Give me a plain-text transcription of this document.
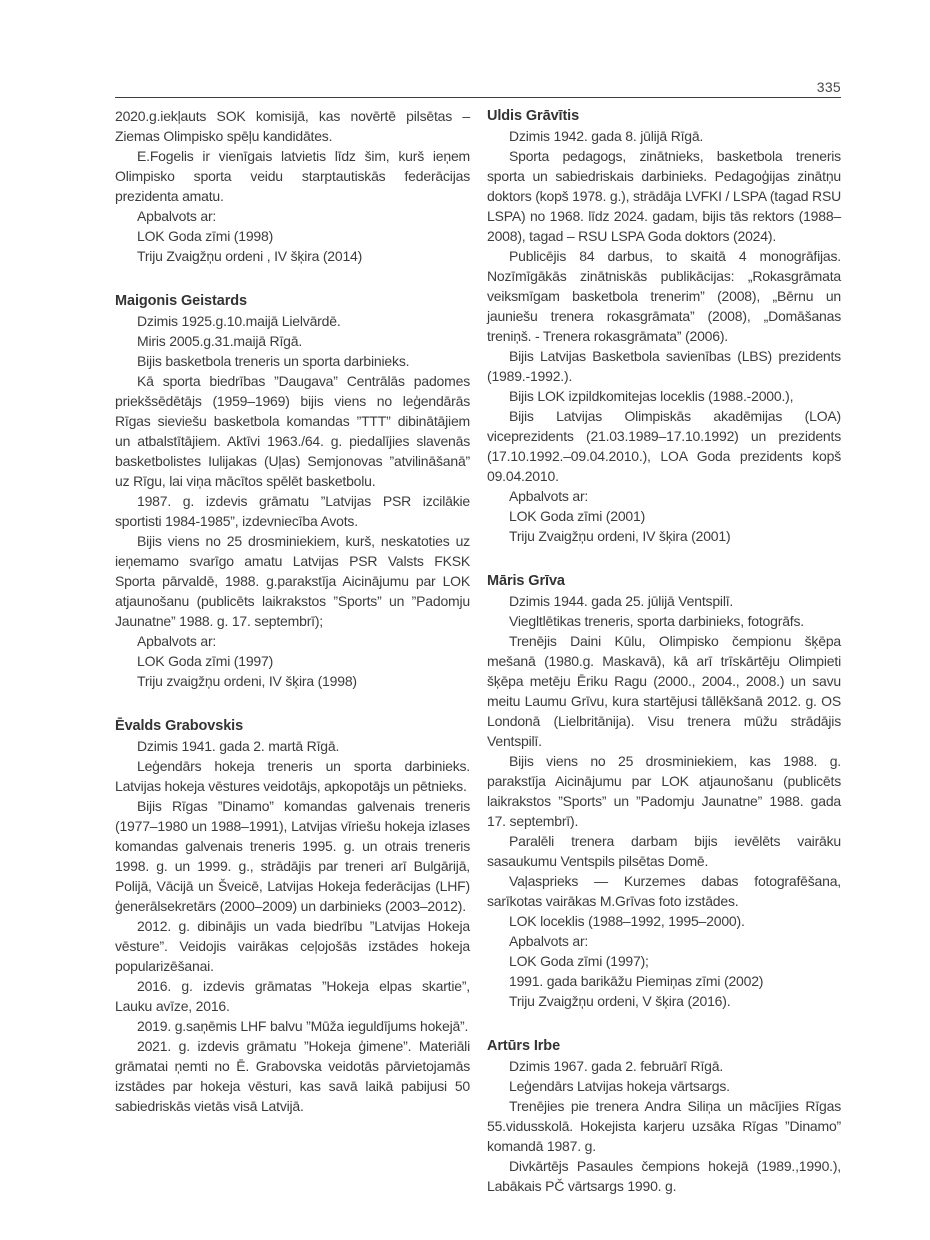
335

2020.g.iekļauts SOK komisijā, kas novērtē pilsētas – Ziemas Olimpisko spēļu kandidātes.

E.Fogelis ir vienīgais latvietis līdz šim, kurš ieņem Olimpisko sporta veidu starptautiskās federācijas prezidenta amatu.

Apbalvots ar:

LOK Goda zīmi (1998)

Triju Zvaigžņu ordeni , IV šķira (2014)

Maigonis Geistards

Dzimis 1925.g.10.maijā Lielvārdē.

Miris 2005.g.31.maijā Rīgā.

Bijis basketbola treneris un sporta darbinieks.

Kā sporta biedrības ”Daugava” Centrālās padomes priekšsēdētājs (1959–1969) bijis viens no leģendārās Rīgas sieviešu basketbola komandas ”TTT” dibinātājiem un atbalstītājiem. Aktīvi 1963./64. g. piedalījies slavenās basketbolistes Iulijakas (Uļas) Semjonovas ”atvilināšanā” uz Rīgu, lai viņa mācītos spēlēt basketbolu.

1987. g. izdevis grāmatu ”Latvijas PSR izcilākie sportisti 1984-1985”, izdevniecība Avots.

Bijis viens no 25 drosminiekiem, kurš, neskatoties uz ieņemamo svarīgo amatu Latvijas PSR Valsts FKSK Sporta pārvaldē, 1988. g.parakstīja Aicinājumu par LOK atjaunošanu (publicēts laikrakstos ”Sports” un ”Padomju Jaunatne” 1988. g. 17. septembrī);

Apbalvots ar:

LOK Goda zīmi (1997)

Triju zvaigžņu ordeni, IV šķira (1998)

Ēvalds Grabovskis

Dzimis 1941. gada 2. martā Rīgā.

Leģendārs hokeja treneris un sporta darbinieks. Latvijas hokeja vēstures veidotājs, apkopotājs un pētnieks.

Bijis Rīgas ”Dinamo” komandas galvenais treneris (1977–1980 un 1988–1991), Latvijas vīriešu hokeja izlases komandas galvenais treneris 1995. g. un otrais treneris 1998. g. un 1999. g., strādājis par treneri arī Bulgārijā, Polijā, Vācijā un Šveicē, Latvijas Hokeja federācijas (LHF) ģenerālsekretārs (2000–2009) un darbinieks (2003–2012).

2012. g. dibinājis un vada biedrību ”Latvijas Hokeja vēsture”. Veidojis vairākas ceļojošās izstādes hokeja popularizēšanai.

2016. g. izdevis grāmatas ”Hokeja elpas skartie”, Lauku avīze, 2016.

2019. g.saņēmis LHF balvu ”Mūža ieguldījums hokejā”.

2021. g. izdevis grāmatu ”Hokeja ģimene”. Materiāli grāmatai ņemti no Ē. Grabovska veidotās pārvietojamās izstādes par hokeja vēsturi, kas savā laikā pabijusi 50 sabiedriskās vietās visā Latvijā.

Uldis Grāvītis

Dzimis 1942. gada 8. jūlijā Rīgā.

Sporta pedagogs, zinātnieks, basketbola treneris sporta un sabiedriskais darbinieks. Pedagoģijas zinātņu doktors (kopš 1978. g.), strādāja LVFKI / LSPA (tagad RSU LSPA) no 1968. līdz 2024. gadam, bijis tās rektors (1988–2008), tagad – RSU LSPA Goda doktors (2024).

Publicējis 84 darbus, to skaitā 4 monogrāfijas. Nozīmīgākās zinātniskās publikācijas: „Rokasgrāmata veiksmīgam basketbola trenerim” (2008), „Bērnu un jauniešu trenera rokasgrāmata” (2008), „Domāšanas treniņš. - Trenera rokasgrāmata” (2006).

Bijis Latvijas Basketbola savienības (LBS) prezidents (1989.-1992.).

Bijis LOK izpildkomitejas loceklis (1988.-2000.),

Bijis Latvijas Olimpiskās akadēmijas (LOA) viceprezidents (21.03.1989–17.10.1992) un prezidents (17.10.1992.–09.04.2010.), LOA Goda prezidents kopš 09.04.2010.

Apbalvots ar:

LOK Goda zīmi (2001)

Triju Zvaigžņu ordeni, IV šķira (2001)

Māris Grīva

Dzimis 1944. gada 25. jūlijā Ventspilī.

Viegltlētikas treneris, sporta darbinieks, fotogrāfs.

Trenējis Daini Kūlu, Olimpisko čempionu šķēpa mešanā (1980.g. Maskavā), kā arī trīskārtēju Olimpieti šķēpa metēju Ēriku Ragu (2000., 2004., 2008.) un savu meitu Laumu Grīvu, kura startējusi tāllēkšanā 2012. g. OS Londonā (Lielbritānija). Visu trenera mūžu strādājis Ventspilī.

Bijis viens no 25 drosminiekiem, kas 1988. g. parakstīja Aicinājumu par LOK atjaunošanu (publicēts laikrakstos ”Sports” un ”Padomju Jaunatne” 1988. gada 17. septembrī).

Paralēli trenera darbam bijis ievēlēts vairāku sasaukumu Ventspils pilsētas Domē.

Vaļasprieks — Kurzemes dabas fotografēšana, sarīkotas vairākas M.Grīvas foto izstādes.

LOK loceklis (1988–1992, 1995–2000).

Apbalvots ar:

LOK Goda zīmi (1997);

1991. gada barikāžu Piemiņas zīmi (2002)

Triju Zvaigžņu ordeni, V šķira (2016).

Artūrs Irbe

Dzimis 1967. gada 2. februārī Rīgā.

Leģendārs Latvijas hokeja vārtsargs.

Trenējies pie trenera Andra Siliņa un mācījies Rīgas 55.vidusskolā. Hokejista karjeru uzsāka Rīgas ”Dinamo” komandā 1987. g.

Divkārtējs Pasaules čempions hokejā (1989.,1990.), Labākais PČ vārtsargs 1990. g.
